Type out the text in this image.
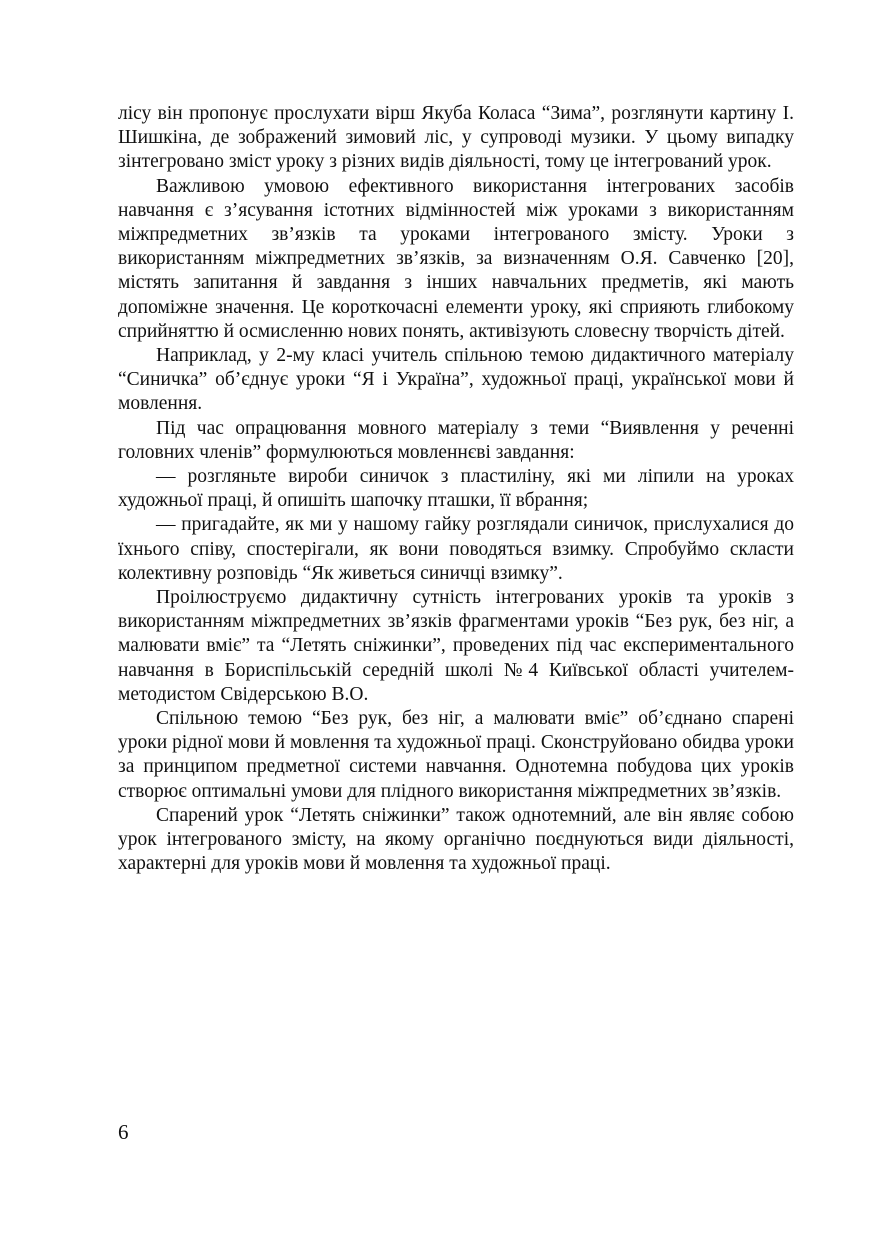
лісу він пропонує прослухати вірш Якуба Коласа “Зима”, розглянути картину І. Шишкіна, де зображений зимовий ліс, у супроводі музики. У цьому випадку зінтегровано зміст уроку з різних видів діяльності, тому це інтегрований урок.

Важливою умовою ефективного використання інтегрованих засобів навчання є з’ясування істотних відмінностей між уроками з використанням міжпредметних зв’язків та уроками інтегрованого змісту. Уроки з використанням міжпредметних зв’язків, за визначенням О.Я. Савченко [20], містять запитання й завдання з інших навчальних предметів, які мають допоміжне значення. Це короткочасні елементи уроку, які сприяють глибокому сприйняттю й осмисленню нових понять, активізують словесну творчість дітей.

Наприклад, у 2-му класі учитель спільною темою дидактичного матеріалу “Синичка” об’єднує уроки “Я і Україна”, художньої праці, української мови й мовлення.

Під час опрацювання мовного матеріалу з теми “Виявлення у реченні головних членів” формулюються мовленнєві завдання:

— розгляньте вироби синичок з пластиліну, які ми ліпили на уроках художньої праці, й опишіть шапочку пташки, її вбрання;

— пригадайте, як ми у нашому гайку розглядали синичок, прислухалися до їхнього співу, спостерігали, як вони поводяться взимку. Спробуймо скласти колективну розповідь “Як живеться синичці взимку”.

Проілюструємо дидактичну сутність інтегрованих уроків та уроків з використанням міжпредметних зв’язків фрагментами уроків “Без рук, без ніг, а малювати вміє” та “Летять сніжинки”, проведених під час експериментального навчання в Бориспільській середній школі №4 Київської області учителем-методистом Свідерською В.О.

Спільною темою “Без рук, без ніг, а малювати вміє” об’єднано спарені уроки рідної мови й мовлення та художньої праці. Сконструйовано обидва уроки за принципом предметної системи навчання. Однотемна побудова цих уроків створює оптимальні умови для плідного використання міжпредметних зв’язків.

Спарений урок “Летять сніжинки” також однотемний, але він являє собою урок інтегрованого змісту, на якому органічно поєднуються види діяльності, характерні для уроків мови й мовлення та художньої праці.

6
